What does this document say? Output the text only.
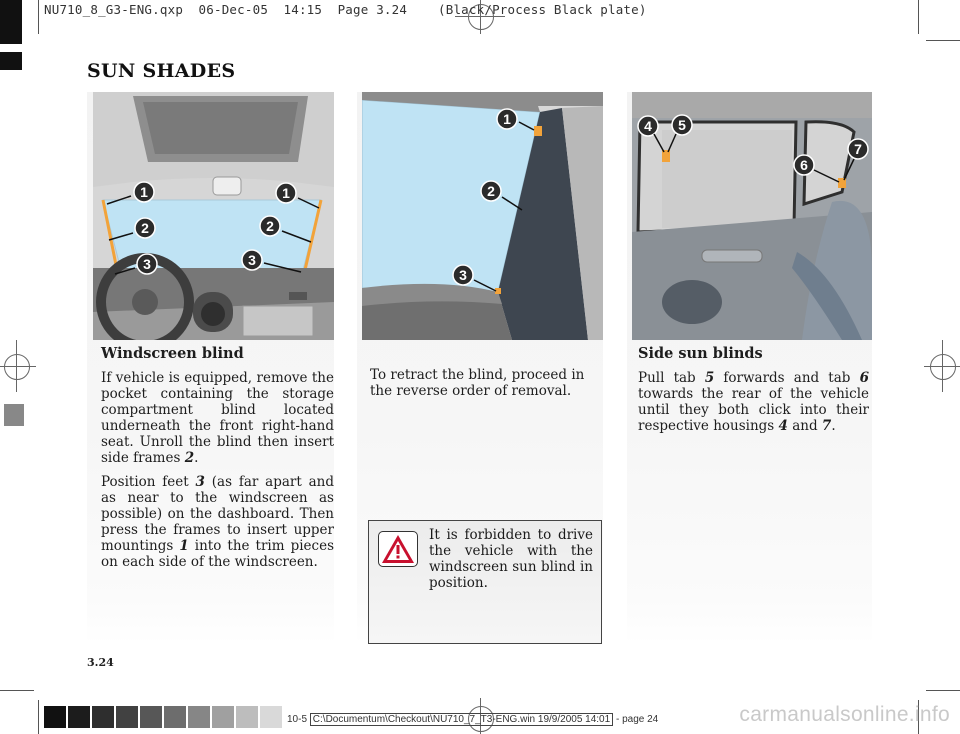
NU710_8_G3-ENG.qxp  06-Dec-05  14:15  Page 3.24    (Black/Process Black plate)
SUN SHADES
1
2
3
1
2
3
1
2
3
4 5
6
7
Windscreen blind

If vehicle is equipped, remove the pocket containing the storage compartment blind located underneath the front right-hand seat. Unroll the blind then insert side frames 2.

Position feet 3 (as far apart and as near to the windscreen as possible) on the dashboard. Then press the frames to insert upper mountings 1 into the trim pieces on each side of the windscreen.

To retract the blind, proceed in the reverse order of removal.

It is forbidden to drive the vehicle with the windscreen sun blind in position.
Side sun blinds

Pull tab 5 forwards and tab 6 towards the rear of the vehicle until they both click into their respective housings 4 and 7.

3.24
10-5 C:\Documentum\Checkout\NU710_7_T3-ENG.win 19/9/2005 14:01 - page 24	carmanualsonline.info
